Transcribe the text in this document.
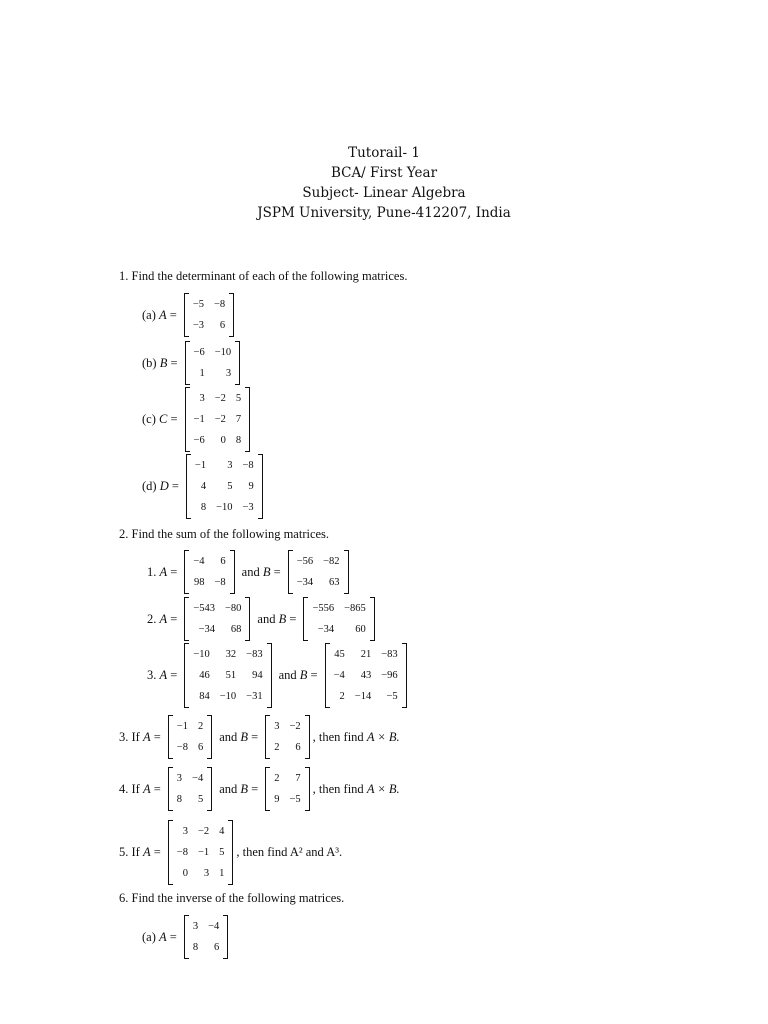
Tutorail- 1
BCA/ First Year
Subject- Linear Algebra
JSPM University, Pune-412207, India
1. Find the determinant of each of the following matrices.
(a) A =
−5 −8
−3	6
(b) B =
−6 −10
1	3
(c) C =
3 −2 5
−1 −2 7
−6	0 8
(d) D =
−1	3 −8
4	5	9
8 −10 −3
2. Find the sum of the following matrices.
1. A =
−4	6
98 −8
and B =
−56 −82
−34	63
2. A =
−543 −80
−34	68
and B =
−556 −865
−34	60
3. A =
−10	32 −83
46	51	94
84 −10 −31
and B =
45	21 −83
−4	43 −96
2 −14	−5
3. If A =
−1 2
−8 6
and B =
3 −2
2	6
, then find A × B.
4. If A =
3 −4
8	5
and B =
2	7
9 −5
, then find A × B.
5. If A =
3 −2 4
−8 −1 5
0	3 1
, then find A² and A³.
6. Find the inverse of the following matrices.
(a) A =
3 −4
8	6
